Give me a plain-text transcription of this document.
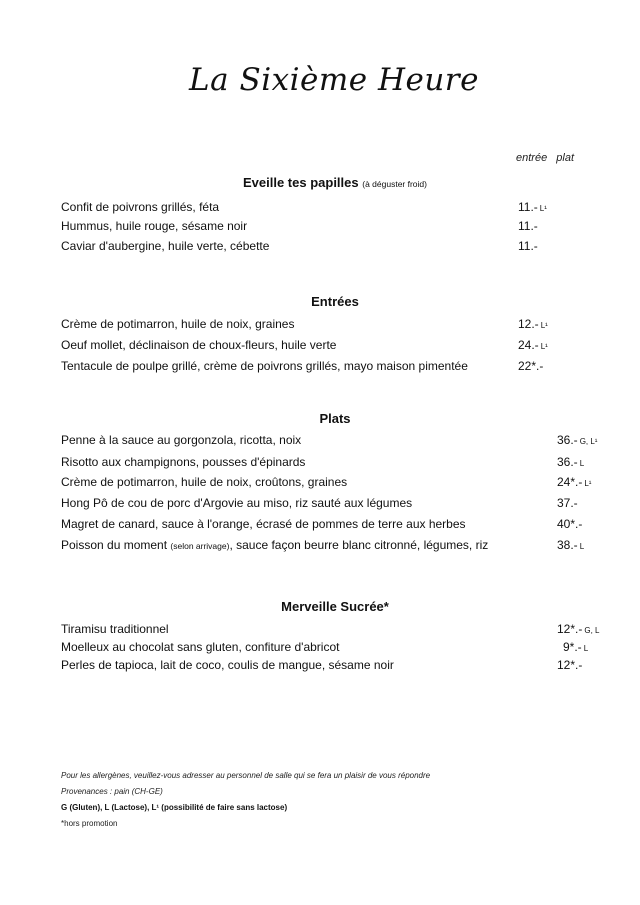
La Sixième Heure
entrée plat
Eveille tes papilles (à déguster froid)
Confit de poivrons grillés, féta	11.- L¹
Hummus, huile rouge, sésame noir	11.-
Caviar d'aubergine, huile verte, cébette	11.-
Entrées
Crème de potimarron, huile de noix, graines	12.- L¹
Oeuf mollet, déclinaison de choux-fleurs, huile verte	24.- L¹
Tentacule de poulpe grillé, crème de poivrons grillés, mayo maison pimentée	22*.-
Plats
Penne à la sauce au gorgonzola, ricotta, noix	36.- G, L¹
Risotto aux champignons, pousses d'épinards	36.- L
Crème de potimarron, huile de noix, croûtons, graines	24*.- L¹
Hong Pô de cou de porc d'Argovie au miso, riz sauté aux légumes	37.-
Magret de canard, sauce à l'orange, écrasé de pommes de terre aux herbes	40*.-
Poisson du moment (selon arrivage), sauce façon beurre blanc citronné, légumes, riz	38.- L
Merveille Sucrée*
Tiramisu traditionnel	12*.- G, L
Moelleux au chocolat sans gluten, confiture d'abricot	9*.- L
Perles de tapioca, lait de coco, coulis de mangue, sésame noir	12*.-
Pour les allergènes, veuillez-vous adresser au personnel de salle qui se fera un plaisir de vous répondre
Provenances : pain (CH-GE)
G (Gluten), L (Lactose), L¹ (possibilité de faire sans lactose)
*hors promotion
